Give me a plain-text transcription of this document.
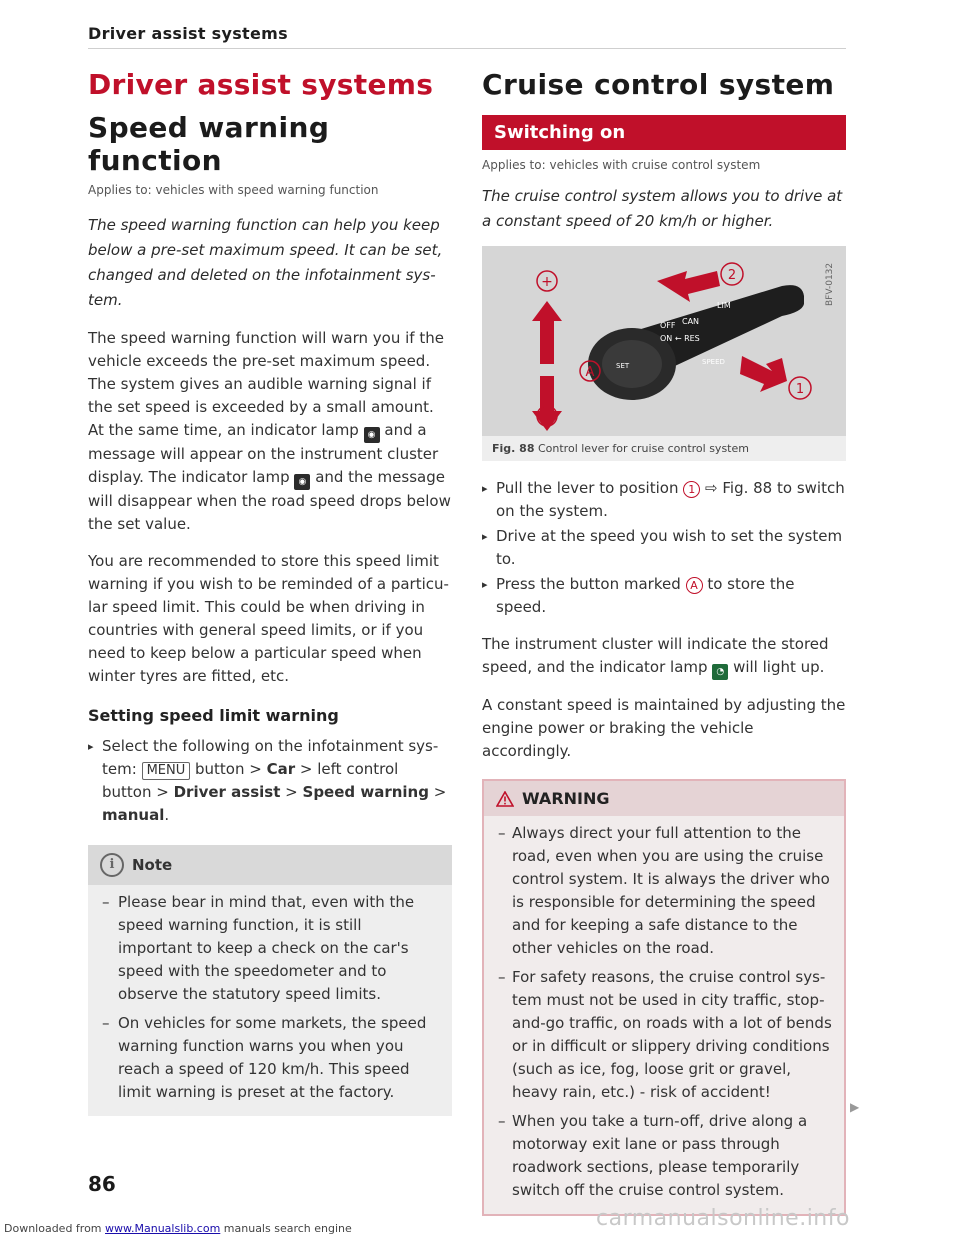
Driver assist systems
Driver assist systems
Speed warning function

Applies to: vehicles with speed warning function

The speed warning function can help you keep below a pre-set maximum speed. It can be set, changed and deleted on the infotainment system.

The speed warning function will warn you if the vehicle exceeds the pre-set maximum speed. The system gives an audible warning signal if the set speed is exceeded by a small amount. At the same time, an indicator lamp ◉ and a message will appear on the instrument cluster display. The indicator lamp ◉ and the message will disappear when the road speed drops below the set value.

You are recommended to store this speed limit warning if you wish to be reminded of a particular speed limit. This could be when driving in countries with general speed limits, or if you need to keep below a particular speed when winter tyres are fitted, etc.

Setting speed limit warning

▸ Select the following on the infotainment system: MENU button > Car > left control button > Driver assist > Speed warning > manual.

i	Note

– Please bear in mind that, even with the speed warning function, it is still important to keep a check on the car's speed with the speedometer and to observe the statutory speed limits.

– On vehicles for some markets, the speed warning function warns you when you reach a speed of 120 km/h. This speed limit warning is preset at the factory.

Cruise control system
Switching on

Applies to: vehicles with cruise control system

The cruise control system allows you to drive at a constant speed of 20 km/h or higher.

+
A
−
2
1
OFF CAN
LIM
ON ← RES
SPEED
SET
BFV-0132
Fig. 88 Control lever for cruise control system

▸ Pull the lever to position 1 ⇨ Fig. 88 to switch on the system.

▸ Drive at the speed you wish to set the system to.

▸ Press the button marked A to store the speed.

The instrument cluster will indicate the stored speed, and the indicator lamp ◔ will light up.

A constant speed is maintained by adjusting the engine power or braking the vehicle accordingly.

WARNING

– Always direct your full attention to the road, even when you are using the cruise control system. It is always the driver who is responsible for determining the speed and for keeping a safe distance to the other vehicles on the road.

– For safety reasons, the cruise control system must not be used in city traffic, stop-and-go traffic, on roads with a lot of bends or in difficult or slippery driving conditions (such as ice, fog, loose grit or gravel, heavy rain, etc.) - risk of accident!

– When you take a turn-off, drive along a motorway exit lane or pass through roadwork sections, please temporarily switch off the cruise control system.

▶
86
Downloaded from www.Manualslib.com manuals search engine	carmanualsonline.info
